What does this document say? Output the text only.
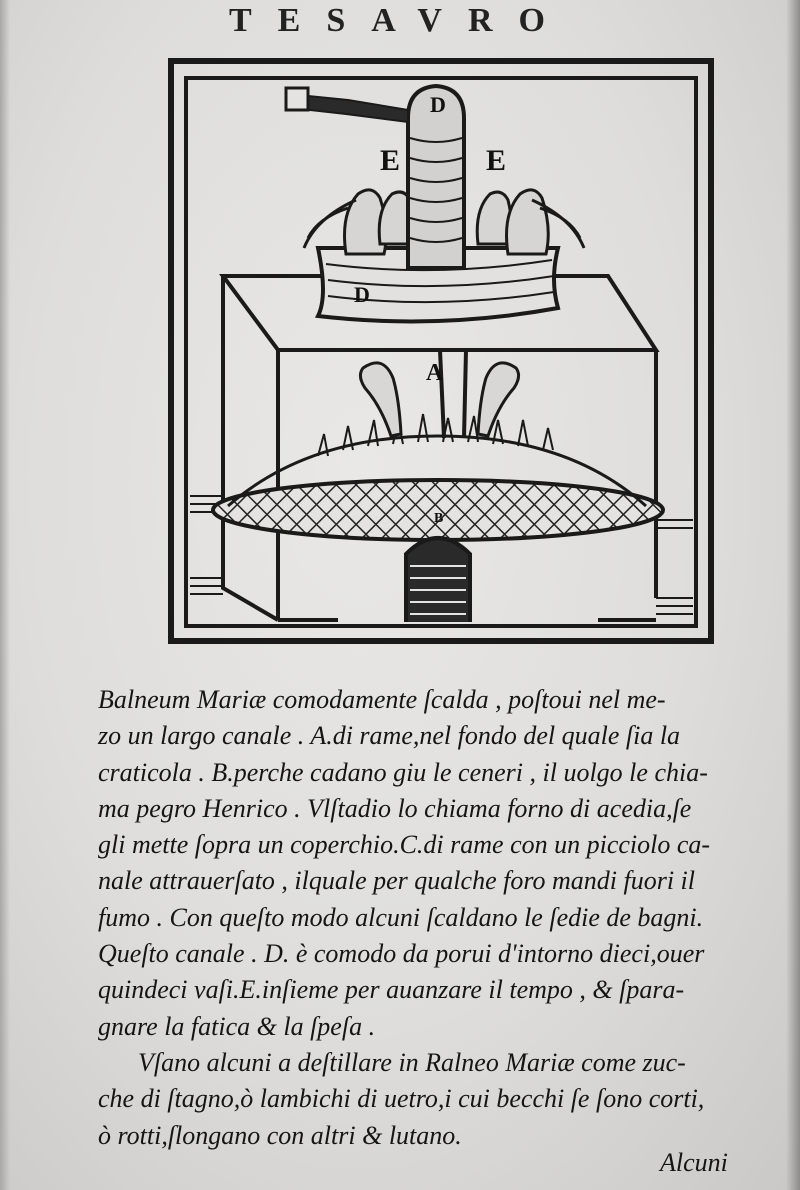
TESAVRO
D
E	E
D
A
B
Balneum Mariæ comodamente ſcalda , poſtoui nel me-
zo un largo canale . A.di rame,nel fondo del quale ſia la
craticola . B.perche cadano giu le ceneri , il uolgo le chia-
ma pegro Henrico . Vlſtadio lo chiama forno di acedia,ſe
gli mette ſopra un coperchio.C.di rame con un picciolo ca-
nale attrauerſato , ilquale per qualche foro mandi fuori il
fumo . Con queſto modo alcuni ſcaldano le ſedie de bagni.
Queſto canale . D. è comodo da porui d'intorno dieci,ouer
quindeci vaſi.E.inſieme per auanzare il tempo , & ſpara-
gnare la fatica & la ſpeſa .
Vſano alcuni a deſtillare in Ralneo Mariæ come zuc-
che di ſtagno,ò lambichi di uetro,i cui becchi ſe ſono corti,
ò rotti,ſlongano con altri & lutano.
Alcuni
